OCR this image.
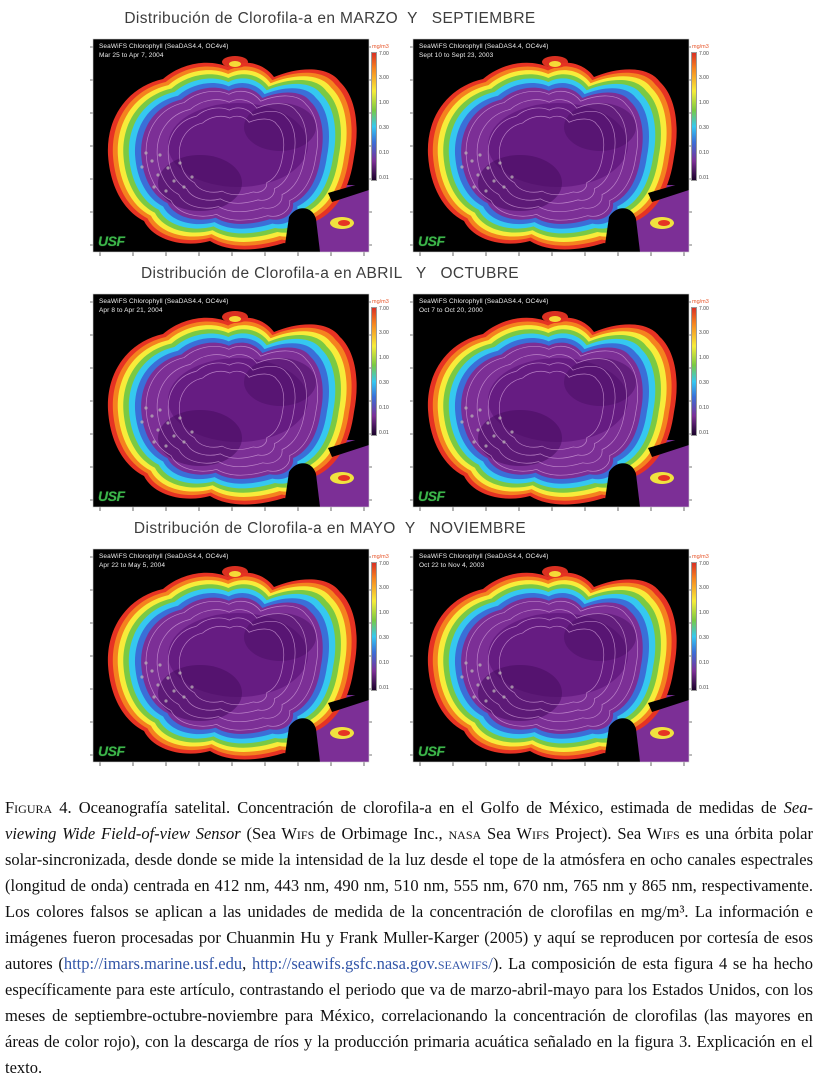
Distribución de Clorofila-a en MARZO  Y   SEPTIEMBRE
SeaWiFS Chlorophyll (SeaDAS4.4, OC4v4)
Mar 25 to Apr 7, 2004
USF
mg/m3
7.00
3.00
1.00
0.30
0.10
0.01
SeaWiFS Chlorophyll (SeaDAS4.4, OC4v4)
Sept 10 to Sept 23, 2003
USF
mg/m3
7.00
3.00
1.00
0.30
0.10
0.01
Distribución de Clorofila-a en ABRIL   Y   OCTUBRE
SeaWiFS Chlorophyll (SeaDAS4.4, OC4v4)
Apr 8 to Apr 21, 2004
USF
mg/m3
7.00
3.00
1.00
0.30
0.10
0.01
SeaWiFS Chlorophyll (SeaDAS4.4, OC4v4)
Oct 7 to Oct 20, 2000
USF
mg/m3
7.00
3.00
1.00
0.30
0.10
0.01
Distribución de Clorofila-a en MAYO  Y   NOVIEMBRE
SeaWiFS Chlorophyll (SeaDAS4.4, OC4v4)
Apr 22 to May 5, 2004
USF
mg/m3
7.00
3.00
1.00
0.30
0.10
0.01
SeaWiFS Chlorophyll (SeaDAS4.4, OC4v4)
Oct 22 to Nov 4, 2003
USF
mg/m3
7.00
3.00
1.00
0.30
0.10
0.01

Figura 4. Oceanografía satelital. Concentración de clorofila-a en el Golfo de México, estimada de medidas de Sea-viewing Wide Field-of-view Sensor (Sea Wifs de Orbimage Inc., nasa Sea Wifs Project). Sea Wifs es una órbita polar solar-sincronizada, desde donde se mide la intensidad de la luz desde el tope de la atmósfera en ocho canales espectrales (longitud de onda) centrada en 412 nm, 443 nm, 490 nm, 510 nm, 555 nm, 670 nm, 765 nm y 865 nm, respectivamente. Los colores falsos se aplican a las unidades de medida de la concentración de clorofilas en mg/m³. La información e imágenes fueron procesadas por Chuanmin Hu y Frank Muller-Karger (2005) y aquí se reproducen por cortesía de esos autores (http://imars.marine.usf.edu, http://seawifs.gsfc.nasa.gov.seawifs/). La composición de esta figura 4 se ha hecho específicamente para este artículo, contrastando el periodo que va de marzo-abril-mayo para los Estados Unidos, con los meses de septiembre-octubre-noviembre para México, correlacionando la concentración de clorofilas (las mayores en áreas de color rojo), con la descarga de ríos y la producción primaria acuática señalado en la figura 3. Explicación en el texto.
